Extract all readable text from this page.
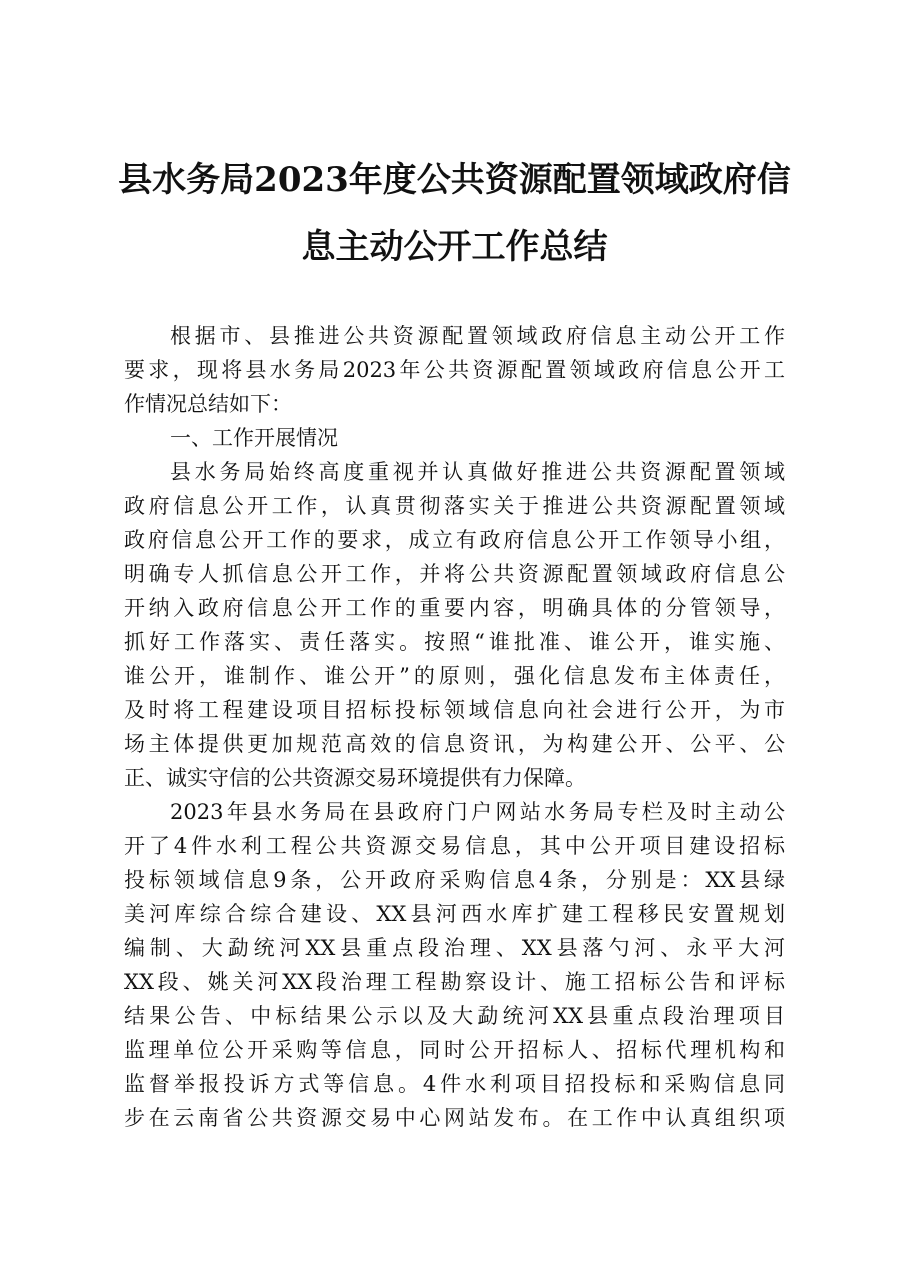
县水务局2023年度公共资源配置领域政府信
息主动公开工作总结
根据市、县推进公共资源配置领域政府信息主动公开工作
要求，现将县水务局2023年公共资源配置领域政府信息公开工
作情况总结如下：
一、工作开展情况
县水务局始终高度重视并认真做好推进公共资源配置领域
政府信息公开工作，认真贯彻落实关于推进公共资源配置领域
政府信息公开工作的要求，成立有政府信息公开工作领导小组，
明确专人抓信息公开工作，并将公共资源配置领域政府信息公
开纳入政府信息公开工作的重要内容，明确具体的分管领导，
抓好工作落实、责任落实。按照“谁批准、谁公开，谁实施、
谁公开，谁制作、谁公开”的原则，强化信息发布主体责任，
及时将工程建设项目招标投标领域信息向社会进行公开，为市
场主体提供更加规范高效的信息资讯，为构建公开、公平、公
正、诚实守信的公共资源交易环境提供有力保障。
2023年县水务局在县政府门户网站水务局专栏及时主动公
开了4件水利工程公共资源交易信息，其中公开项目建设招标
投标领域信息9条，公开政府采购信息4条，分别是：XX县绿
美河库综合综合建设、XX县河西水库扩建工程移民安置规划
编制、大勐统河XX县重点段治理、XX县落勺河、永平大河
XX段、姚关河XX段治理工程勘察设计、施工招标公告和评标
结果公告、中标结果公示以及大勐统河XX县重点段治理项目
监理单位公开采购等信息，同时公开招标人、招标代理机构和
监督举报投诉方式等信息。4件水利项目招投标和采购信息同
步在云南省公共资源交易中心网站发布。在工作中认真组织项
